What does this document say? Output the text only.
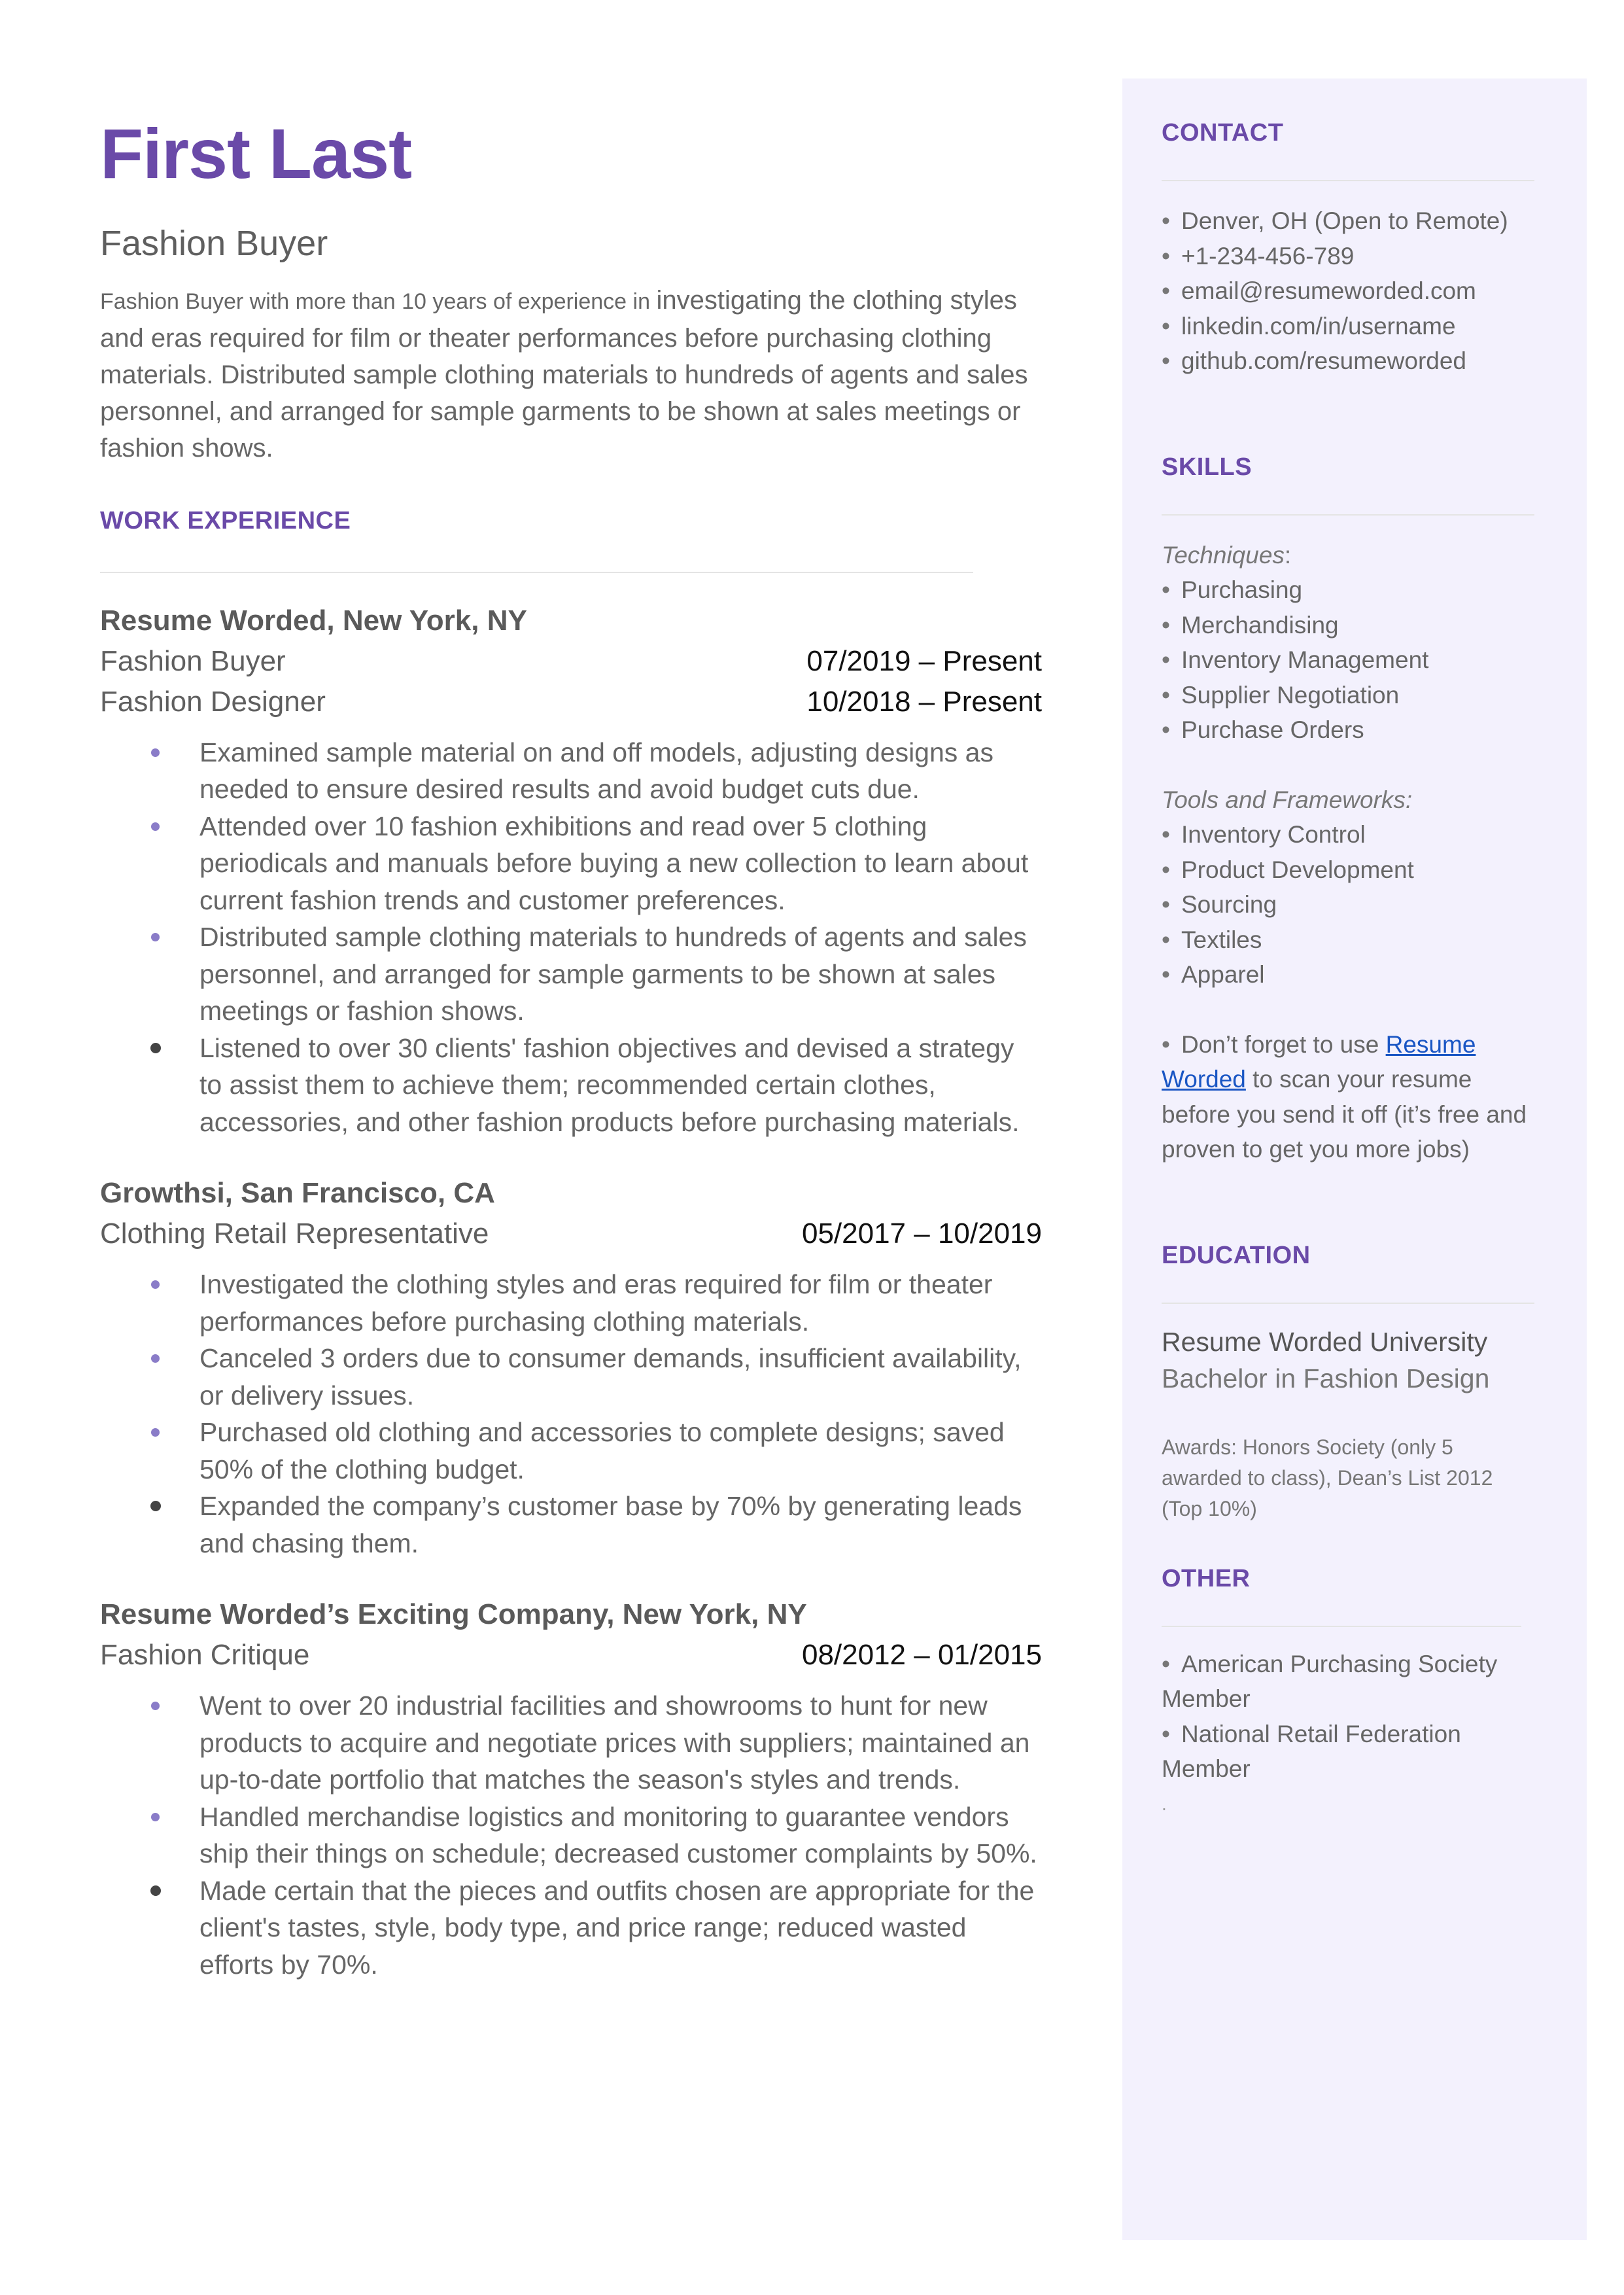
First Last
Fashion Buyer
Fashion Buyer with more than 10 years of experience in investigating the clothing styles and eras required for film or theater performances before purchasing clothing materials. Distributed sample clothing materials to hundreds of agents and sales personnel, and arranged for sample garments to be shown at sales meetings or fashion shows.
WORK EXPERIENCE
Resume Worded, New York, NY
Fashion Buyer	07/2019 – Present
Fashion Designer	10/2018 – Present
Examined sample material on and off models, adjusting designs as needed to ensure desired results and avoid budget cuts due.
Attended over 10 fashion exhibitions and read over 5 clothing periodicals and manuals before buying a new collection to learn about current fashion trends and customer preferences.
Distributed sample clothing materials to hundreds of agents and sales personnel, and arranged for sample garments to be shown at sales meetings or fashion shows.
Listened to over 30 clients' fashion objectives and devised a strategy to assist them to achieve them; recommended certain clothes, accessories, and other fashion products before purchasing materials.
Growthsi, San Francisco, CA
Clothing Retail Representative	05/2017 – 10/2019
Investigated the clothing styles and eras required for film or theater performances before purchasing clothing materials.
Canceled 3 orders due to consumer demands, insufficient availability, or delivery issues.
Purchased old clothing and accessories to complete designs; saved 50% of the clothing budget.
Expanded the company’s customer base by 70% by generating leads and chasing them.
Resume Worded’s Exciting Company, New York, NY
Fashion Critique	08/2012 – 01/2015
Went to over 20 industrial facilities and showrooms to hunt for new products to acquire and negotiate prices with suppliers; maintained an up-to-date portfolio that matches the season's styles and trends.
Handled merchandise logistics and monitoring to guarantee vendors ship their things on schedule; decreased customer complaints by 50%.
Made certain that the pieces and outfits chosen are appropriate for the client's tastes, style, body type, and price range; reduced wasted efforts by 70%.
CONTACT
• Denver, OH (Open to Remote)
• +1-234-456-789
• email@resumeworded.com
• linkedin.com/in/username
• github.com/resumeworded
SKILLS
Techniques:
• Purchasing
• Merchandising
• Inventory Management
• Supplier Negotiation
• Purchase Orders
Tools and Frameworks:
• Inventory Control
• Product Development
• Sourcing
• Textiles
• Apparel
• Don’t forget to use Resume Worded to scan your resume before you send it off (it’s free and proven to get you more jobs)
EDUCATION
Resume Worded University
Bachelor in Fashion Design
Awards: Honors Society (only 5 awarded to class), Dean’s List 2012 (Top 10%)
OTHER
• American Purchasing Society Member
• National Retail Federation Member
.
